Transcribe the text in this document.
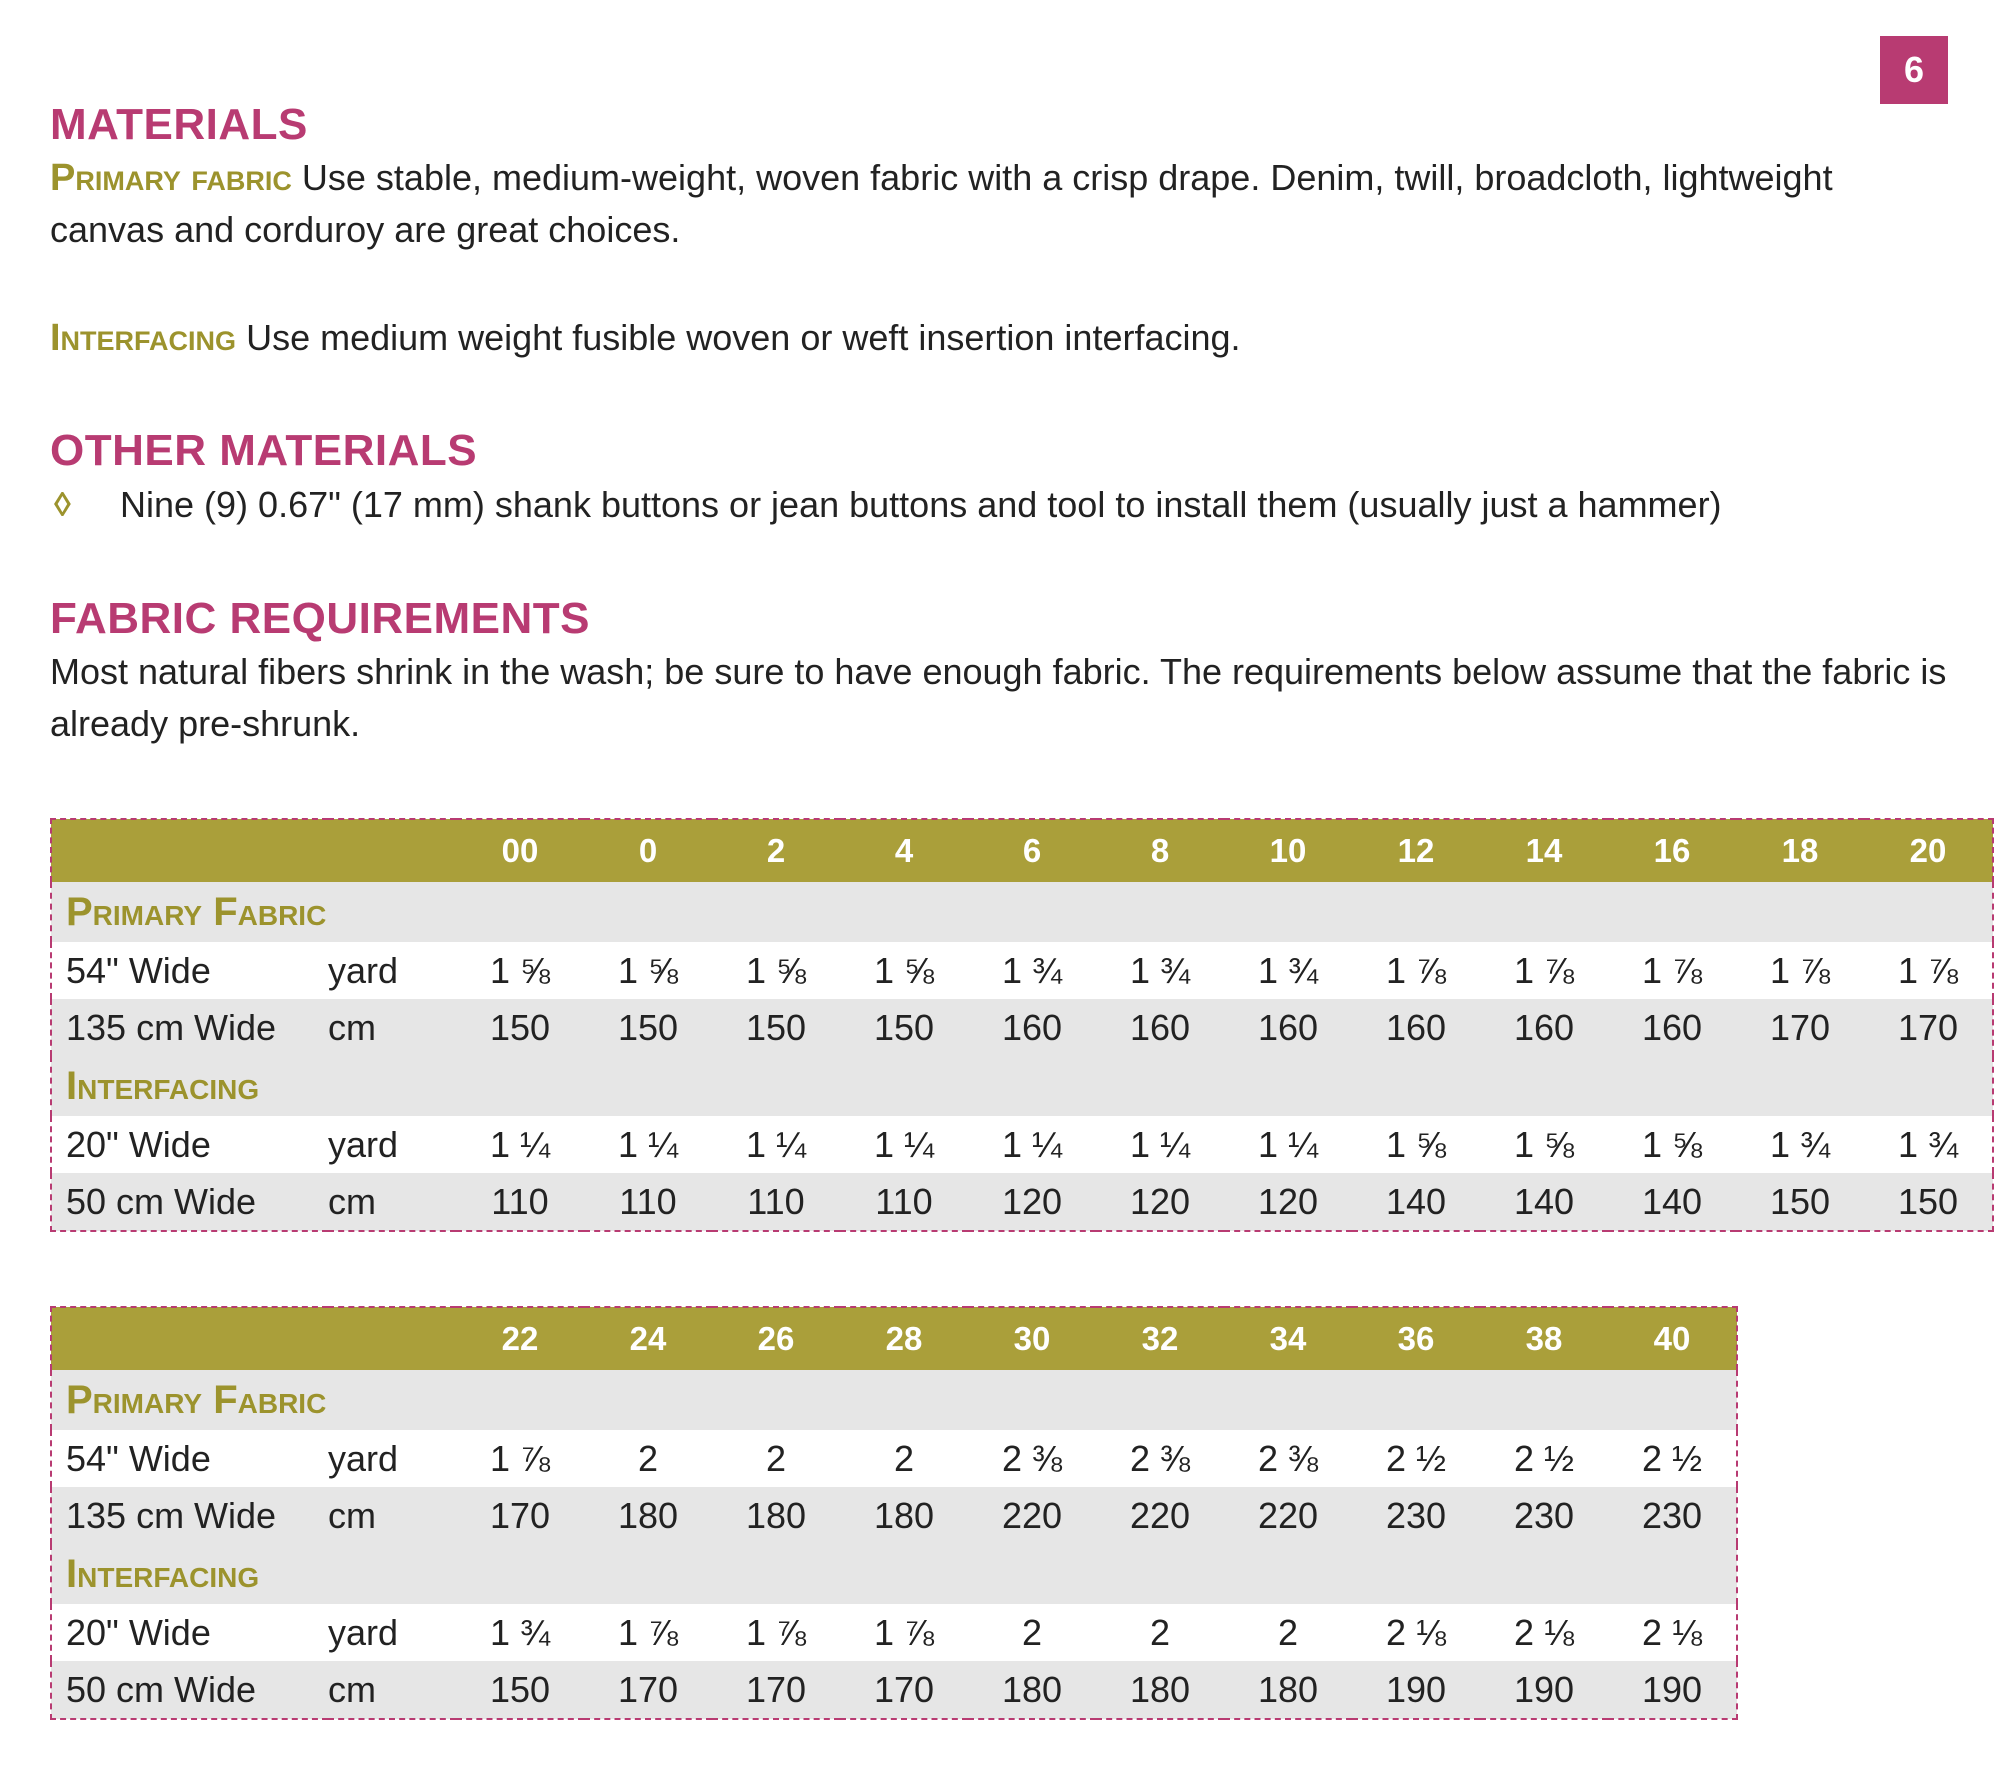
6
MATERIALS

Primary fabric Use stable, medium-weight, woven fabric with a crisp drape. Denim, twill, broadcloth, lightweight canvas and corduroy are great choices.

Interfacing Use medium weight fusible woven or weft insertion interfacing.

OTHER MATERIALS
◊	Nine (9) 0.67" (17 mm) shank buttons or jean buttons and tool to install them (usually just a hammer)
FABRIC REQUIREMENTS

Most natural fibers shrink in the wash; be sure to have enough fabric. The requirements below assume that the fabric is already pre-shrunk.

		00	0	2	4	6	8	10	12	14	16	18	20
Primary Fabric													
54" Wide	yard	1 ⅝	1 ⅝	1 ⅝	1 ⅝	1 ¾	1 ¾	1 ¾	1 ⅞	1 ⅞	1 ⅞	1 ⅞	1 ⅞
135 cm Wide	cm	150	150	150	150	160	160	160	160	160	160	170	170
Interfacing													
20" Wide	yard	1 ¼	1 ¼	1 ¼	1 ¼	1 ¼	1 ¼	1 ¼	1 ⅝	1 ⅝	1 ⅝	1 ¾	1 ¾
50 cm Wide	cm	110	110	110	110	120	120	120	140	140	140	150	150
		22	24	26	28	30	32	34	36	38	40
Primary Fabric											
54" Wide	yard	1 ⅞	2	2	2	2 ⅜	2 ⅜	2 ⅜	2 ½	2 ½	2 ½
135 cm Wide	cm	170	180	180	180	220	220	220	230	230	230
Interfacing											
20" Wide	yard	1 ¾	1 ⅞	1 ⅞	1 ⅞	2	2	2	2 ⅛	2 ⅛	2 ⅛
50 cm Wide	cm	150	170	170	170	180	180	180	190	190	190
